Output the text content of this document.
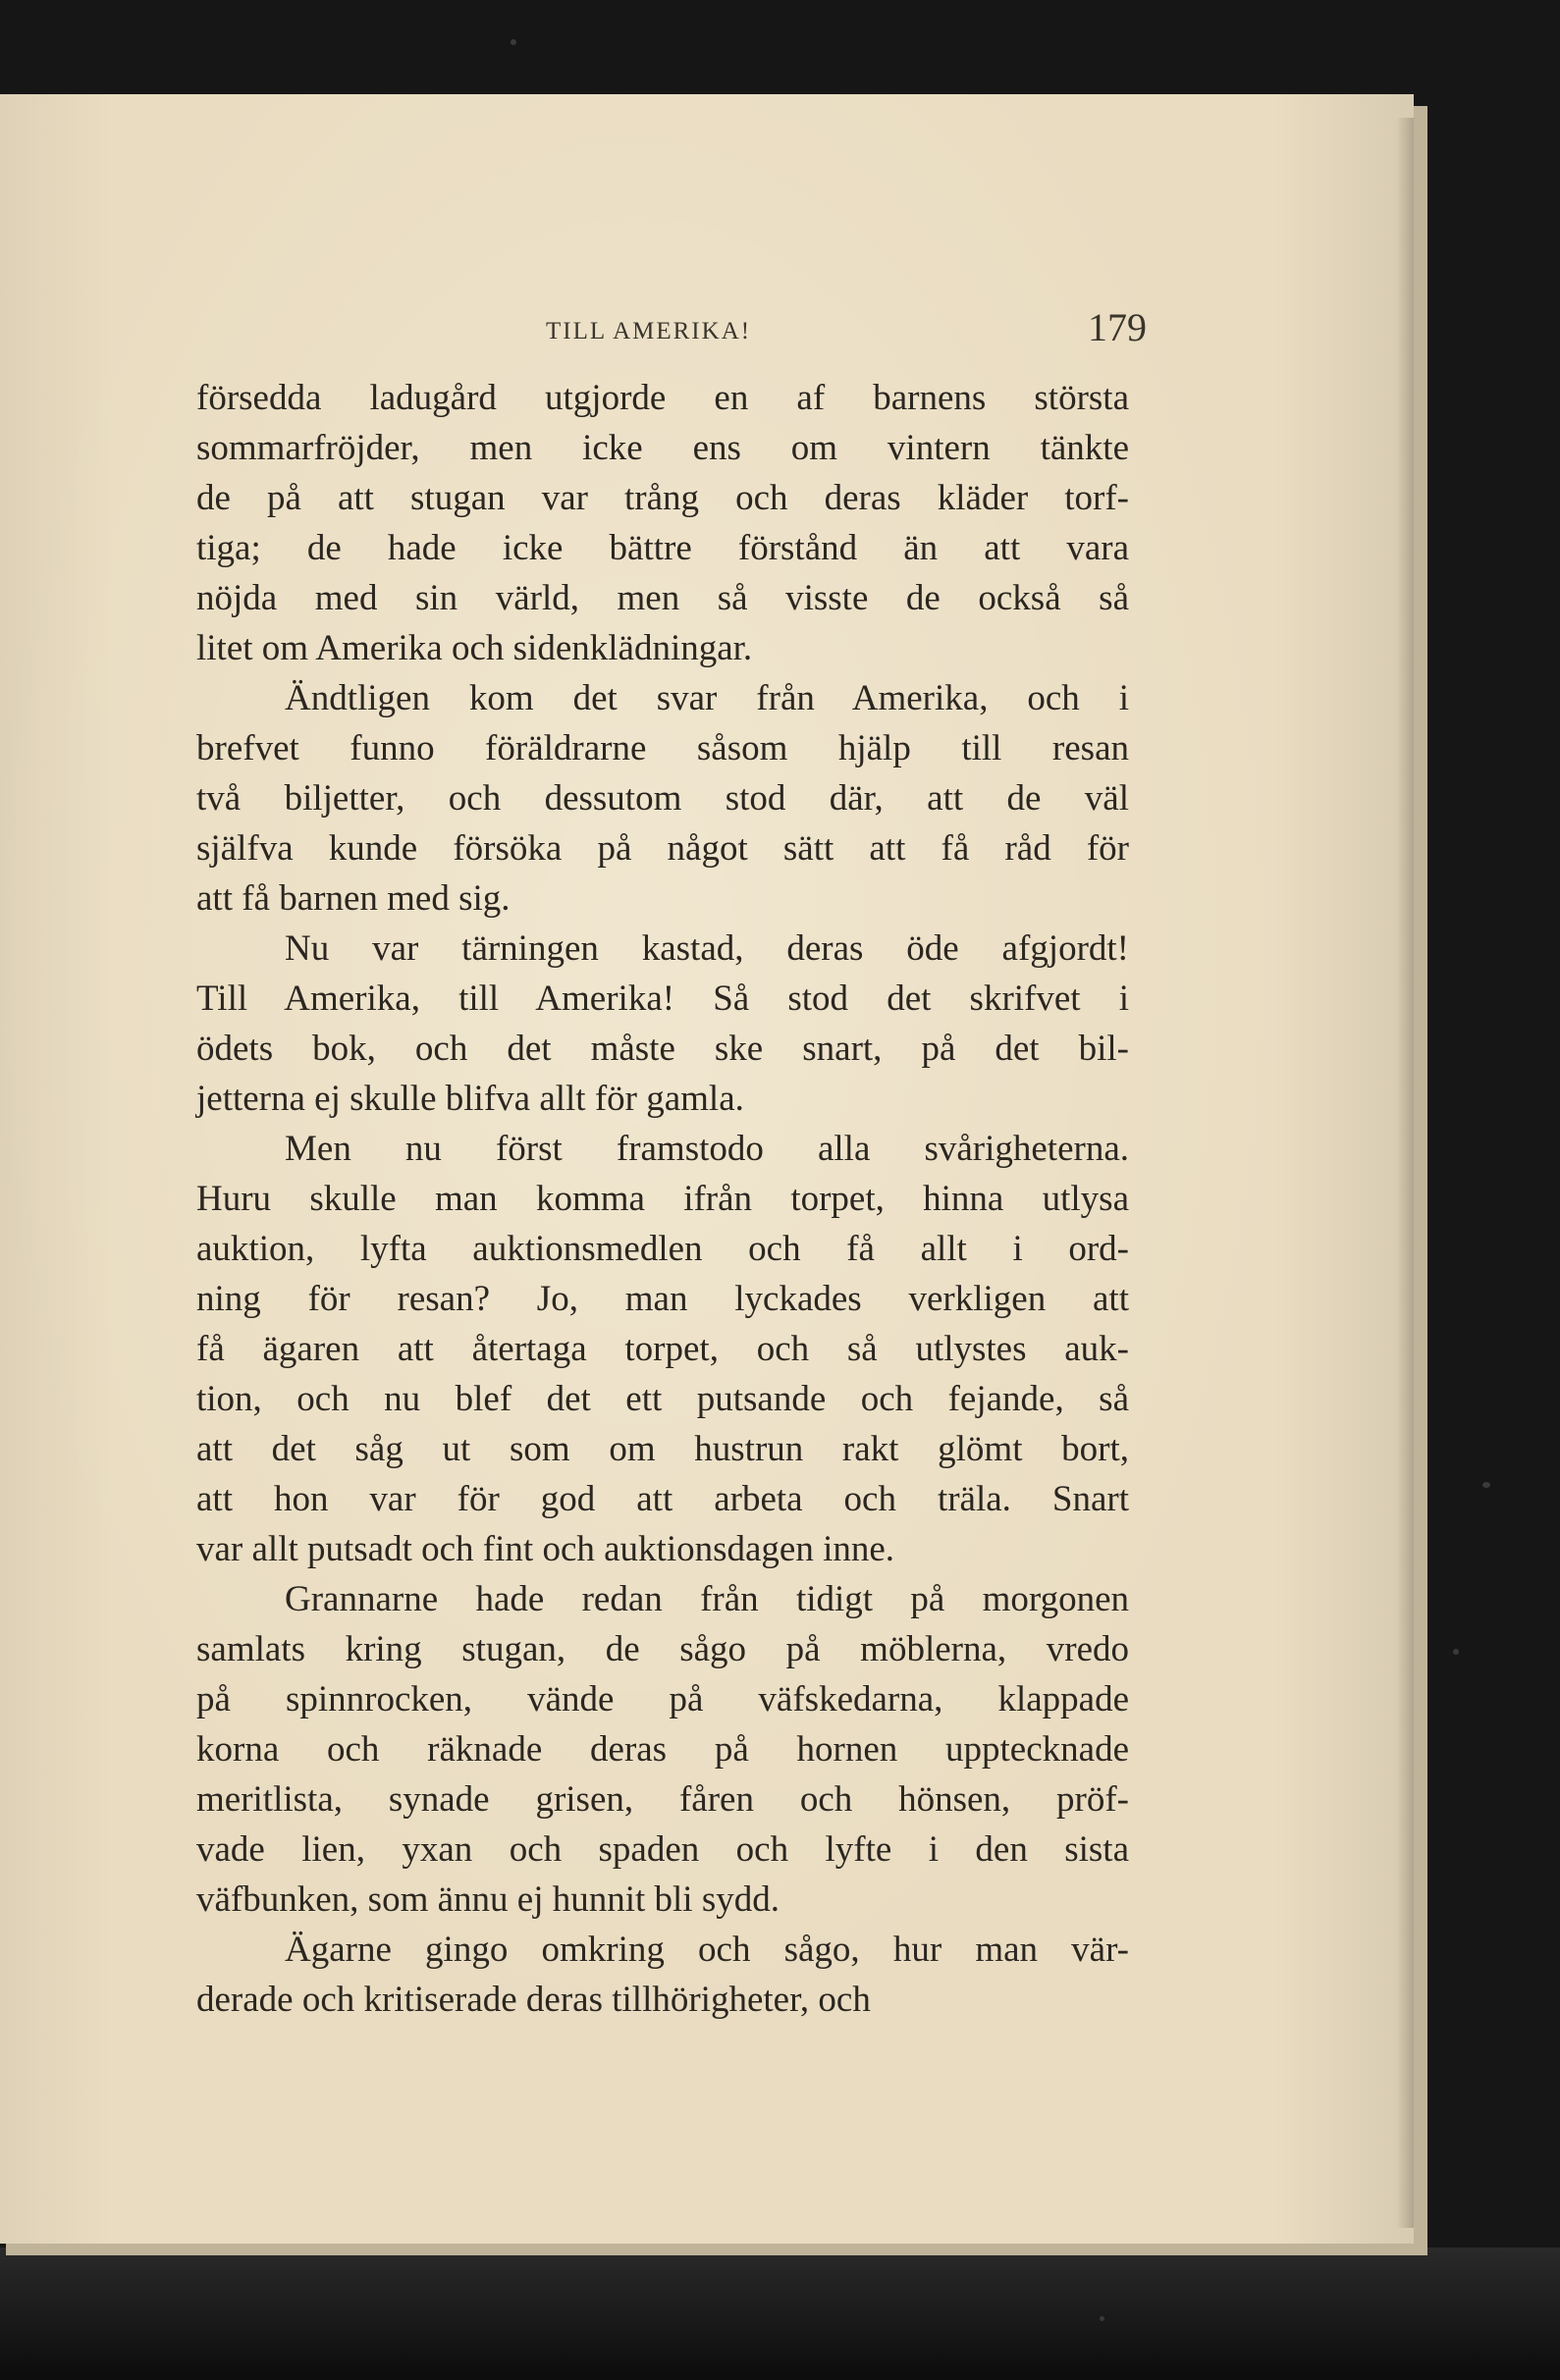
TILL AMERIKA!	179

försedda ladugård utgjorde en af barnens största
sommarfröjder, men icke ens om vintern tänkte
de på att stugan var trång och deras kläder torf-
tiga; de hade icke bättre förstånd än att vara
nöjda med sin värld, men så visste de också så
litet om Amerika och sidenklädningar.

Ändtligen kom det svar från Amerika, och i
brefvet funno föräldrarne såsom hjälp till resan
två biljetter, och dessutom stod där, att de väl
själfva kunde försöka på något sätt att få råd för
att få barnen med sig.

Nu var tärningen kastad, deras öde afgjordt!
Till Amerika, till Amerika! Så stod det skrifvet i
ödets bok, och det måste ske snart, på det bil-
jetterna ej skulle blifva allt för gamla.

Men nu först framstodo alla svårigheterna.
Huru skulle man komma ifrån torpet, hinna utlysa
auktion, lyfta auktionsmedlen och få allt i ord-
ning för resan? Jo, man lyckades verkligen att
få ägaren att återtaga torpet, och så utlystes auk-
tion, och nu blef det ett putsande och fejande, så
att det såg ut som om hustrun rakt glömt bort,
att hon var för god att arbeta och träla. Snart
var allt putsadt och fint och auktionsdagen inne.

Grannarne hade redan från tidigt på morgonen
samlats kring stugan, de sågo på möblerna, vredo
på spinnrocken, vände på väfskedarna, klappade
korna och räknade deras på hornen upptecknade
meritlista, synade grisen, fåren och hönsen, pröf-
vade lien, yxan och spaden och lyfte i den sista
väfbunken, som ännu ej hunnit bli sydd.

Ägarne gingo omkring och sågo, hur man vär-
derade och kritiserade deras tillhörigheter, och
